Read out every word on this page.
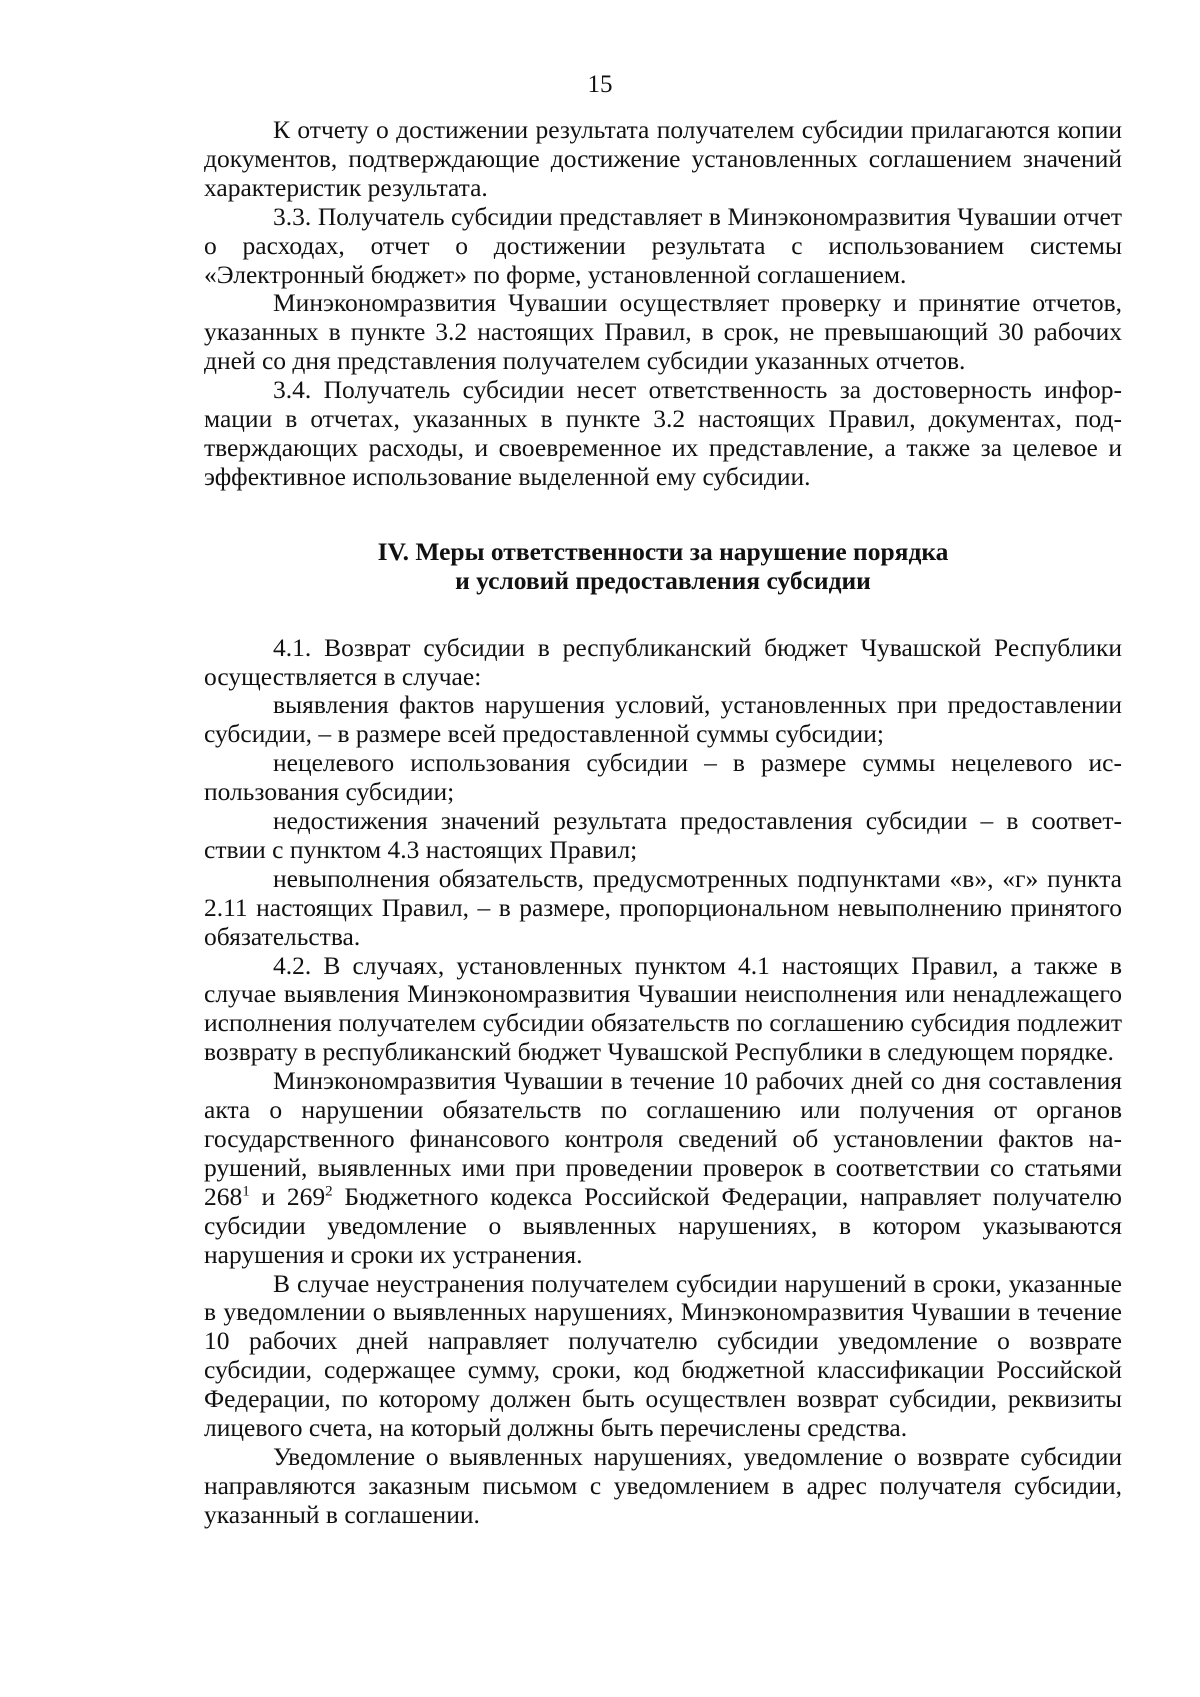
15

К отчету о достижении результата получателем субсидии прилагаются копии документов, подтверждающие достижение установленных соглашением значений характеристик результата.

3.3. Получатель субсидии представляет в Минэкономразвития Чувашии отчет о расходах, отчет о достижении результата с использованием системы «Электронный бюджет» по форме, установленной соглашением.

Минэкономразвития Чувашии осуществляет проверку и принятие отчетов, указанных в пункте 3.2 настоящих Правил, в срок, не превышающий 30 рабочих дней со дня представления получателем субсидии указанных отчетов.

3.4. Получатель субсидии несет ответственность за достоверность информации в отчетах, указанных в пункте 3.2 настоящих Правил, документах, подтверждающих расходы, и своевременное их представление, а также за целевое и эффективное использование выделенной ему субсидии.

IV. Меры ответственности за нарушение порядка
и условий предоставления субсидии

4.1. Возврат субсидии в республиканский бюджет Чувашской Республики осуществляется в случае:

выявления фактов нарушения условий, установленных при предоставлении субсидии, – в размере всей предоставленной суммы субсидии;

нецелевого использования субсидии – в размере суммы нецелевого использования субсидии;

недостижения значений результата предоставления субсидии – в соответствии с пунктом 4.3 настоящих Правил;

невыполнения обязательств, предусмотренных подпунктами «в», «г» пункта 2.11 настоящих Правил, – в размере, пропорциональном невыполнению принятого обязательства.

4.2. В случаях, установленных пунктом 4.1 настоящих Правил, а также в случае выявления Минэкономразвития Чувашии неисполнения или ненадлежащего исполнения получателем субсидии обязательств по соглашению субсидия подлежит возврату в республиканский бюджет Чувашской Республики в следующем порядке.

Минэкономразвития Чувашии в течение 10 рабочих дней со дня составления акта о нарушении обязательств по соглашению или получения от органов государственного финансового контроля сведений об установлении фактов нарушений, выявленных ими при проведении проверок в соответствии со статьями $268^1$ и $269^2$ Бюджетного кодекса Российской Федерации, направляет получателю субсидии уведомление о выявленных нарушениях, в котором указываются нарушения и сроки их устранения.

В случае неустранения получателем субсидии нарушений в сроки, указанные в уведомлении о выявленных нарушениях, Минэкономразвития Чувашии в течение 10 рабочих дней направляет получателю субсидии уведомление о возврате субсидии, содержащее сумму, сроки, код бюджетной классификации Российской Федерации, по которому должен быть осуществлен возврат субсидии, реквизиты лицевого счета, на который должны быть перечислены средства.

Уведомление о выявленных нарушениях, уведомление о возврате субсидии направляются заказным письмом с уведомлением в адрес получателя субсидии, указанный в соглашении.
